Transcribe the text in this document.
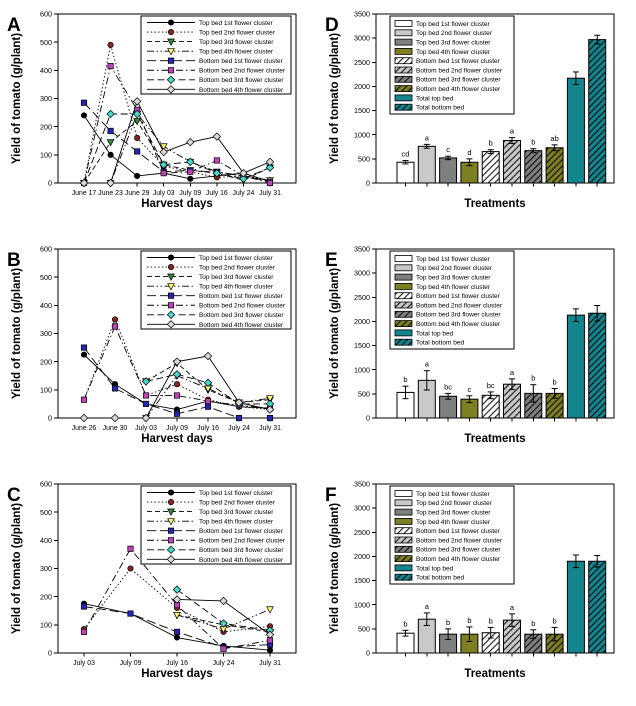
0
100
200
300
400
500
600
A
Yield of tomato (g/plant)
Harvest days
June 17 June 23 June 29 July 03 July 09 July 16 July 24 July 31
Top bed 1st flower cluster
Top bed 2nd flower cluster
Top bed 3rd flower cluster
Top bed 4th flower cluster
Bottom bed 1st flower cluster
Bottom bed 2nd flower cluster
Bottom bed 3rd flower cluster
Bottom bed 4th flower cluster
0
500
1000
1500
2000
2500
3000
3500
D
Yield of tomato (g/plant)
Treatments
cd
a
c d
b
a
b ab
Top bed 1st flower cluster
Top bed 2nd flower cluster
Top bed 3rd flower cluster
Top bed 4th flower cluster
Bottom bed 1st flower cluster
Bottom bed 2nd flower cluster
Bottom bed 3rd flower cluster
Bottom bed 4th flower cluster
Total top bed
Total bottom bed
0
100
200
300
400
500
600
B
Yield of tomato (g/plant)
Harvest days
June 26 June 30 July 03 July 09 July 16 July 24 July 31
Top bed 1st flower cluster
Top bed 2nd flower cluster
Top bed 3rd flower cluster
Top bed 4th flower cluster
Bottom bed 1st flower cluster
Bottom bed 2nd flower cluster
Bottom bed 3rd flower cluster
Bottom bed 4th flower cluster
0
500
1000
1500
2000
2500
3000
3500
E
Yield of tomato (g/plant)
Treatments
b
a
bc c bc
a
b b
Top bed 1st flower cluster
Top bed 2nd flower cluster
Top bed 3rd flower cluster
Top bed 4th flower cluster
Bottom bed 1st flower cluster
Bottom bed 2nd flower cluster
Bottom bed 3rd flower cluster
Bottom bed 4th flower cluster
Total top bed
Total bottom bed
0
100
200
300
400
500
600
C
Yield of tomato (g/plant)
Harvest days
July 03	July 09	July 16	July 24	July 31
Top bed 1st flower cluster
Top bed 2nd flower cluster
Top bed 3rd flower cluster
Top bed 4th flower cluster
Bottom bed 1st flower cluster
Bottom bed 2nd flower cluster
Bottom bed 3rd flower cluster
Bottom bed 4th flower cluster
0
500
1000
1500
2000
2500
3000
3500
F
Yield of tomato (g/plant)
Treatments
b
a
b b b
a
b b
Top bed 1st flower cluster
Top bed 2nd flower cluster
Top bed 3rd flower cluster
Top bed 4th flower cluster
Bottom bed 1st flower cluster
Bottom bed 2nd flower cluster
Bottom bed 3rd flower cluster
Bottom bed 4th flower cluster
Total top bed
Total bottom bed
